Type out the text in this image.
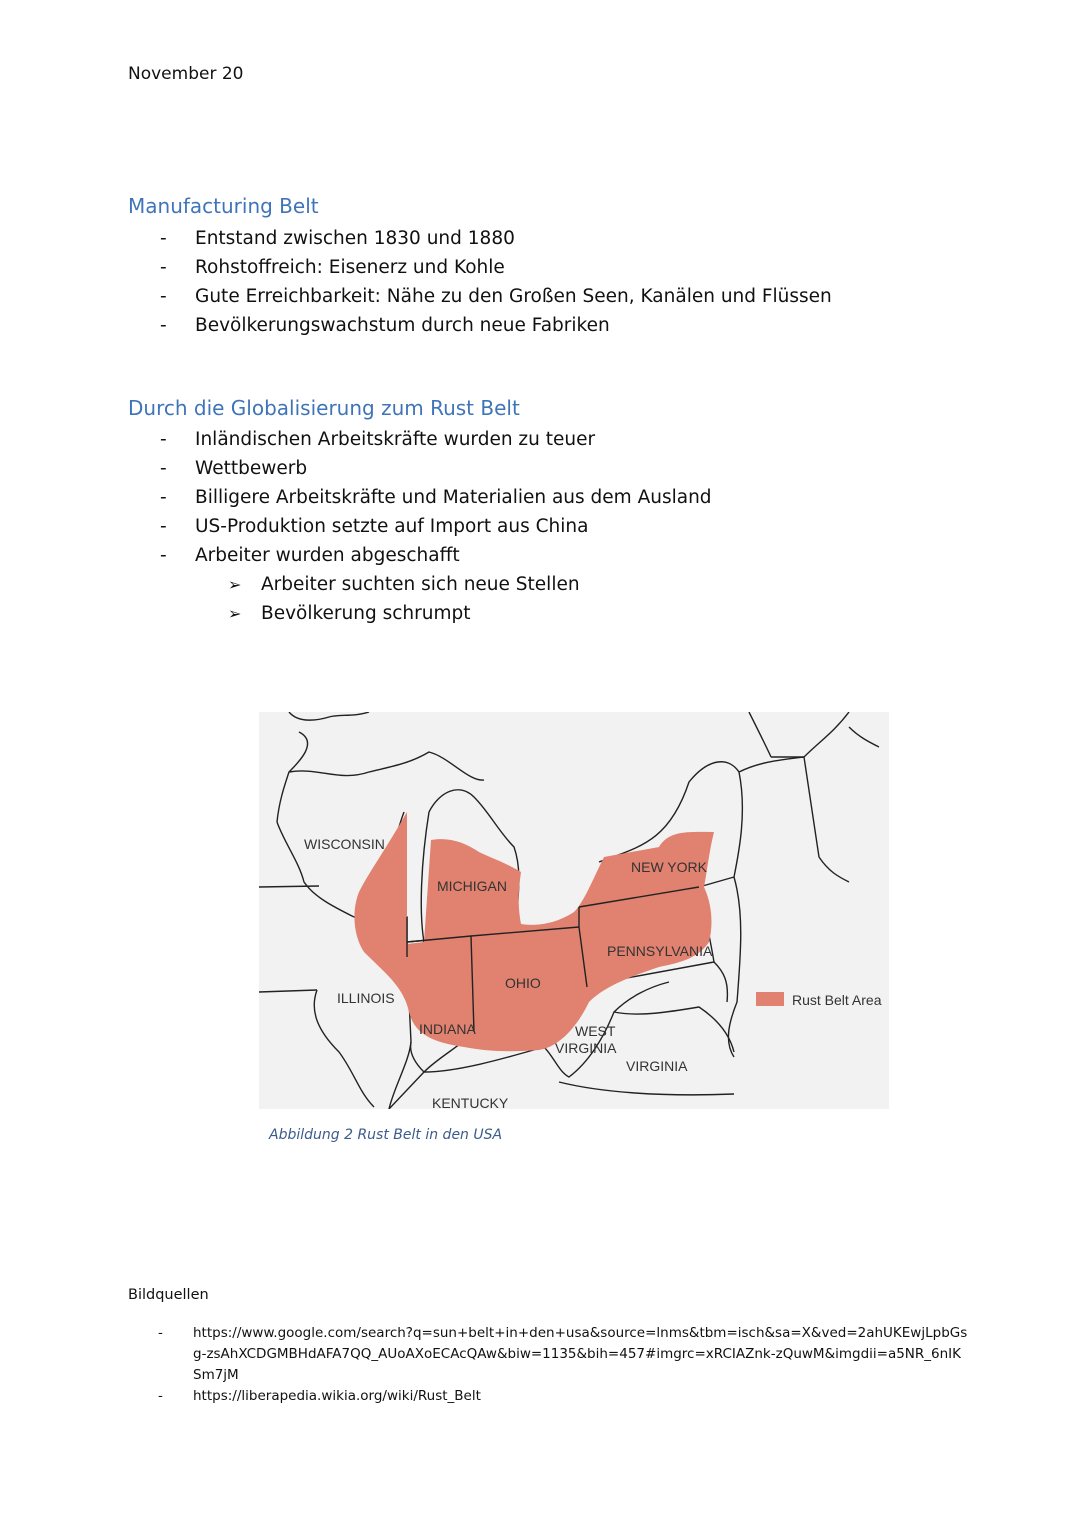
November 20
Manufacturing Belt
- Entstand zwischen 1830 und 1880
- Rohstoffreich: Eisenerz und Kohle
- Gute Erreichbarkeit: Nähe zu den Großen Seen, Kanälen und Flüssen
- Bevölkerungswachstum durch neue Fabriken
Durch die Globalisierung zum Rust Belt
- Inländischen Arbeitskräfte wurden zu teuer
- Wettbewerb
- Billigere Arbeitskräfte und Materialien aus dem Ausland
- US-Produktion setzte auf Import aus China
- Arbeiter wurden abgeschafft
➢ Arbeiter suchten sich neue Stellen
➢ Bevölkerung schrumpt
WISCONSIN
MICHIGAN
NEW YORK
PENNSYLVANIA
OHIO
ILLINOIS
INDIANA	WEST
VIRGINIA
VIRGINIA
KENTUCKY
Rust Belt Area
Abbildung 2 Rust Belt in den USA
Bildquellen
- https://www.google.com/search?q=sun+belt+in+den+usa&source=lnms&tbm=isch&sa=X&ved=2ahUKEwjLpbGsg-zsAhXCDGMBHdAFA7QQ_AUoAXoECAcQAw&biw=1135&bih=457#imgrc=xRCIAZnk-zQuwM&imgdii=a5NR_6nIKSm7jM
- https://liberapedia.wikia.org/wiki/Rust_Belt
